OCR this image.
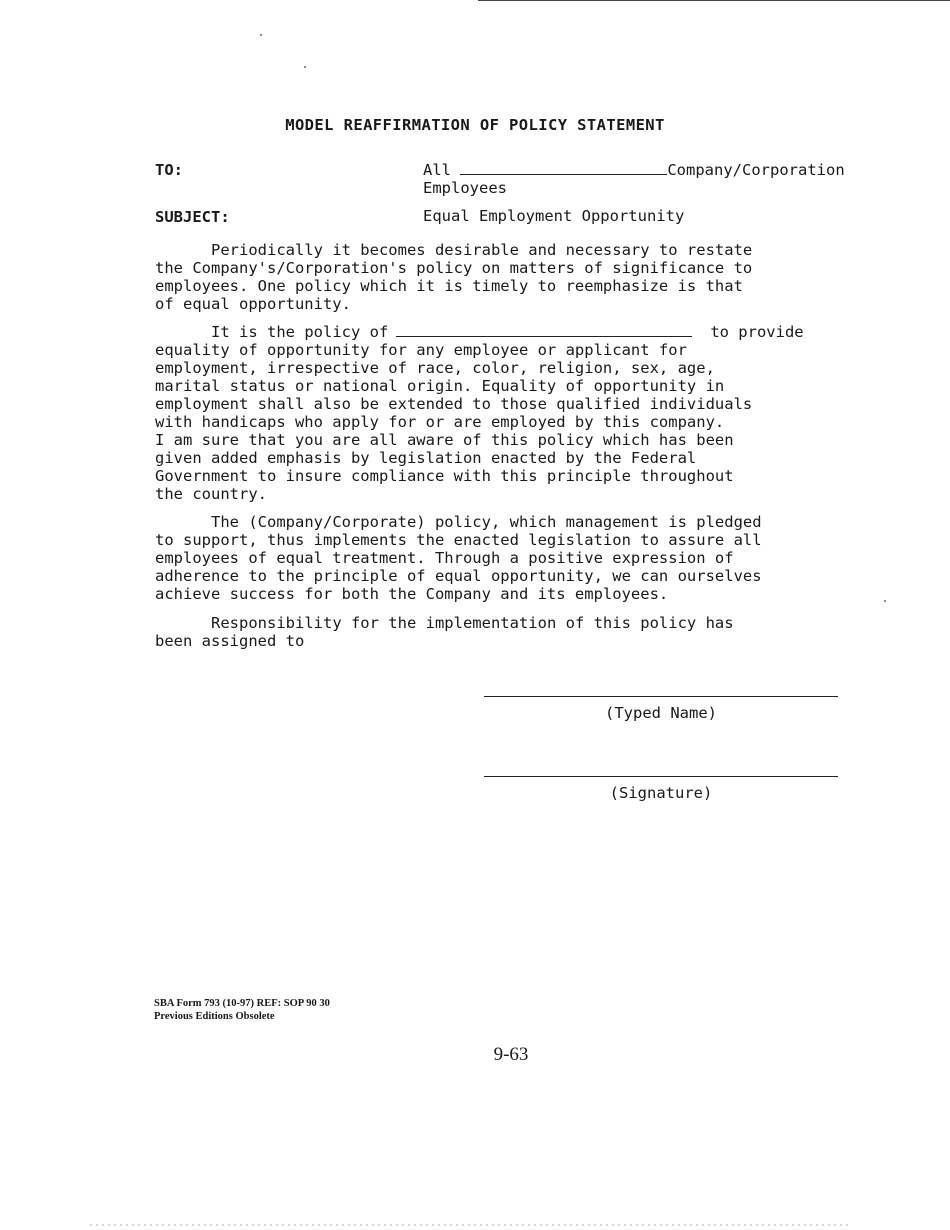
MODEL REAFFIRMATION OF POLICY STATEMENT
TO:	All	Company/Corporation
Employees
SUBJECT:	Equal Employment Opportunity
Periodically it becomes desirable and necessary to restate
the Company's/Corporation's policy on matters of significance to
employees. One policy which it is timely to reemphasize is that
of equal opportunity.
It is the policy of	to provide
equality of opportunity for any employee or applicant for
employment, irrespective of race, color, religion, sex, age,
marital status or national origin. Equality of opportunity in
employment shall also be extended to those qualified individuals
with handicaps who apply for or are employed by this company.
I am sure that you are all aware of this policy which has been
given added emphasis by legislation enacted by the Federal
Government to insure compliance with this principle throughout
the country.
The (Company/Corporate) policy, which management is pledged
to support, thus implements the enacted legislation to assure all
employees of equal treatment. Through a positive expression of
adherence to the principle of equal opportunity, we can ourselves
achieve success for both the Company and its employees.
Responsibility for the implementation of this policy has
been assigned to
(Typed Name)
(Signature)
SBA Form 793 (10-97) REF: SOP 90 30
Previous Editions Obsolete
9-63
